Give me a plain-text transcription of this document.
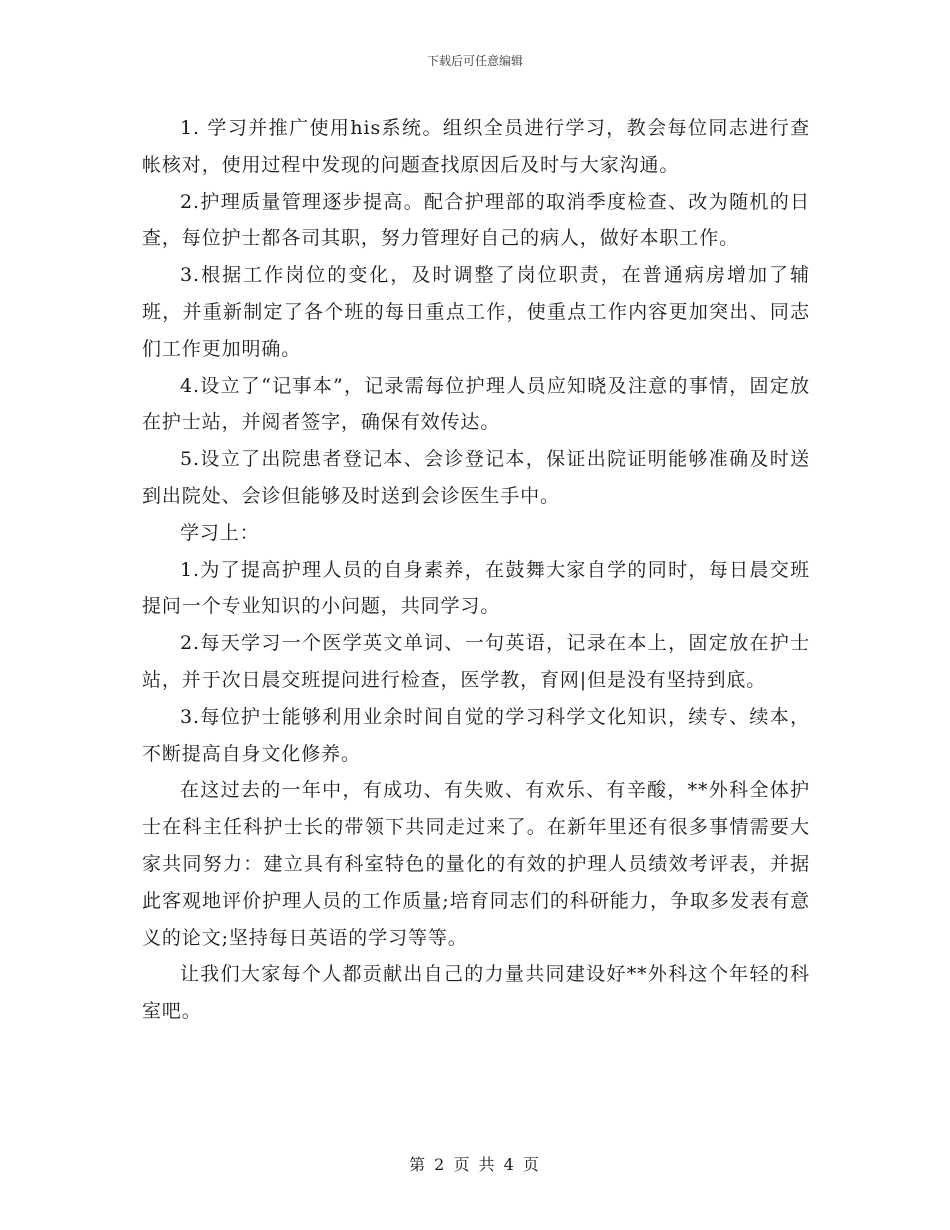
下载后可任意编辑

1. 学习并推广使用his系统。组织全员进行学习，教会每位同志进行查帐核对，使用过程中发现的问题查找原因后及时与大家沟通。

2.护理质量管理逐步提高。配合护理部的取消季度检查、改为随机的日查，每位护士都各司其职，努力管理好自己的病人，做好本职工作。

3.根据工作岗位的变化，及时调整了岗位职责，在普通病房增加了辅班，并重新制定了各个班的每日重点工作，使重点工作内容更加突出、同志们工作更加明确。

4.设立了“记事本”，记录需每位护理人员应知晓及注意的事情，固定放在护士站，并阅者签字，确保有效传达。

5.设立了出院患者登记本、会诊登记本，保证出院证明能够准确及时送到出院处、会诊但能够及时送到会诊医生手中。

学习上：

1.为了提高护理人员的自身素养，在鼓舞大家自学的同时，每日晨交班提问一个专业知识的小问题，共同学习。

2.每天学习一个医学英文单词、一句英语，记录在本上，固定放在护士站，并于次日晨交班提问进行检查，医学教，育网|但是没有坚持到底。

3.每位护士能够利用业余时间自觉的学习科学文化知识，续专、续本，不断提高自身文化修养。

在这过去的一年中，有成功、有失败、有欢乐、有辛酸，**外科全体护士在科主任科护士长的带领下共同走过来了。在新年里还有很多事情需要大家共同努力：建立具有科室特色的量化的有效的护理人员绩效考评表，并据此客观地评价护理人员的工作质量;培育同志们的科研能力，争取多发表有意义的论文;坚持每日英语的学习等等。

让我们大家每个人都贡献出自己的力量共同建设好**外科这个年轻的科室吧。

第 2 页 共 4 页
